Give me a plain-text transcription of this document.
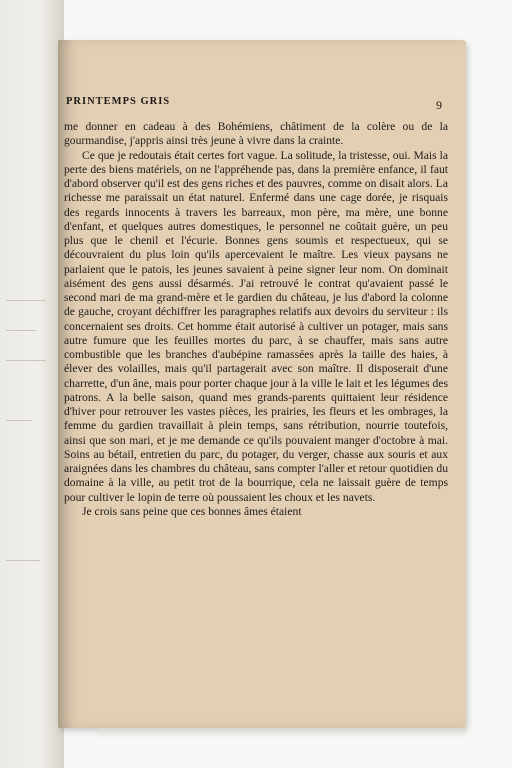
PRINTEMPS GRIS	9

me donner en cadeau à des Bohémiens, châtiment de la colère ou de la gourmandise, j'appris ainsi très jeune à vivre dans la crainte.

Ce que je redoutais était certes fort vague. La solitude, la tristesse, oui. Mais la perte des biens matériels, on ne l'appréhende pas, dans la première enfance, il faut d'abord observer qu'il est des gens riches et des pauvres, comme on disait alors. La richesse me paraissait un état naturel. Enfermé dans une cage dorée, je risquais des regards innocents à travers les barreaux, mon père, ma mère, une bonne d'enfant, et quelques autres domestiques, le personnel ne coûtait guère, un peu plus que le chenil et l'écurie. Bonnes gens soumis et respectueux, qui se découvraient du plus loin qu'ils apercevaient le maître. Les vieux paysans ne parlaient que le patois, les jeunes savaient à peine signer leur nom. On dominait aisément des gens aussi désarmés. J'ai retrouvé le contrat qu'avaient passé le second mari de ma grand-mère et le gardien du château, je lus d'abord la colonne de gauche, croyant déchiffrer les paragraphes relatifs aux devoirs du serviteur : ils concernaient ses droits. Cet homme était autorisé à cultiver un potager, mais sans autre fumure que les feuilles mortes du parc, à se chauffer, mais sans autre combustible que les branches d'aubépine ramassées après la taille des haies, à élever des volailles, mais qu'il partagerait avec son maître. Il disposerait d'une charrette, d'un âne, mais pour porter chaque jour à la ville le lait et les légumes des patrons. A la belle saison, quand mes grands-parents quittaient leur résidence d'hiver pour retrouver les vastes pièces, les prairies, les fleurs et les ombrages, la femme du gardien travaillait à plein temps, sans rétribution, nourrie toutefois, ainsi que son mari, et je me demande ce qu'ils pouvaient manger d'octobre à mai. Soins au bétail, entretien du parc, du potager, du verger, chasse aux souris et aux araignées dans les chambres du château, sans compter l'aller et retour quotidien du domaine à la ville, au petit trot de la bourrique, cela ne laissait guère de temps pour cultiver le lopin de terre où poussaient les choux et les navets.

Je crois sans peine que ces bonnes âmes étaient
